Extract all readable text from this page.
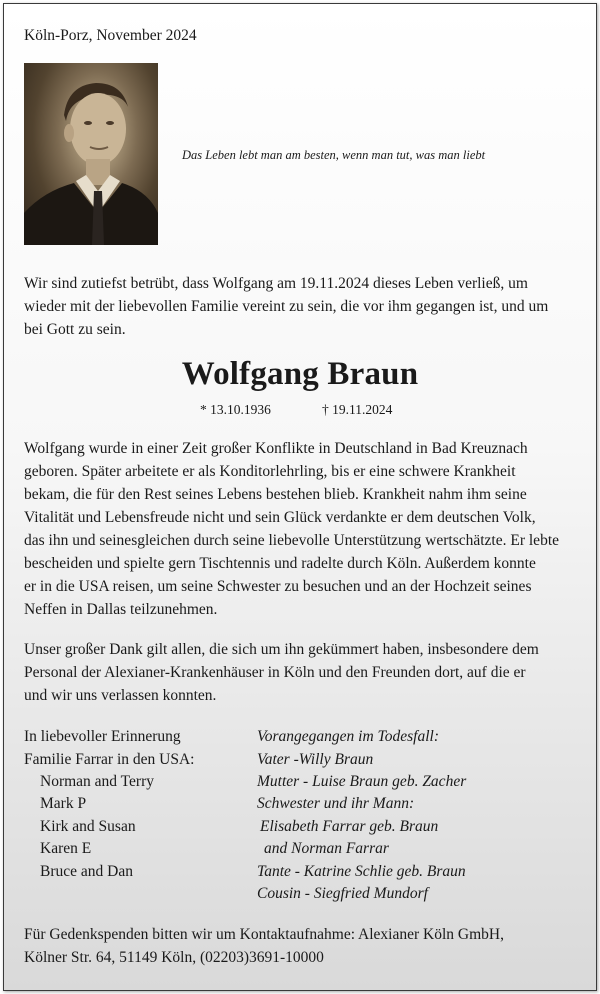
Köln-Porz, November 2024
Das Leben lebt man am besten, wenn man tut, was man liebt
Wir sind zutiefst betrübt, dass Wolfgang am 19.11.2024 dieses Leben verließ, um
wieder mit der liebevollen Familie vereint zu sein, die vor ihm gegangen ist, und um
bei Gott zu sein.
Wolfgang Braun
* 13.10.1936	† 19.11.2024
Wolfgang wurde in einer Zeit großer Konflikte in Deutschland in Bad Kreuznach
geboren. Später arbeitete er als Konditorlehrling, bis er eine schwere Krankheit
bekam, die für den Rest seines Lebens bestehen blieb. Krankheit nahm ihm seine
Vitalität und Lebensfreude nicht und sein Glück verdankte er dem deutschen Volk,
das ihn und seinesgleichen durch seine liebevolle Unterstützung wertschätzte. Er lebte
bescheiden und spielte gern Tischtennis und radelte durch Köln. Außerdem konnte
er in die USA reisen, um seine Schwester zu besuchen und an der Hochzeit seines
Neffen in Dallas teilzunehmen.
Unser großer Dank gilt allen, die sich um ihn gekümmert haben, insbesondere dem
Personal der Alexianer-Krankenhäuser in Köln und den Freunden dort, auf die er
und wir uns verlassen konnten.
In liebevoller Erinnerung
Familie Farrar in den USA:
Norman and Terry
Mark P
Kirk and Susan
Karen E
Bruce and Dan
Vorangegangen im Todesfall:
Vater -Willy Braun
Mutter - Luise Braun geb. Zacher
Schwester und ihr Mann:
Elisabeth Farrar geb. Braun
and Norman Farrar
Tante - Katrine Schlie geb. Braun
Cousin - Siegfried Mundorf
Für Gedenkspenden bitten wir um Kontaktaufnahme: Alexianer Köln GmbH,
Kölner Str. 64, 51149 Köln, (02203)3691-10000
